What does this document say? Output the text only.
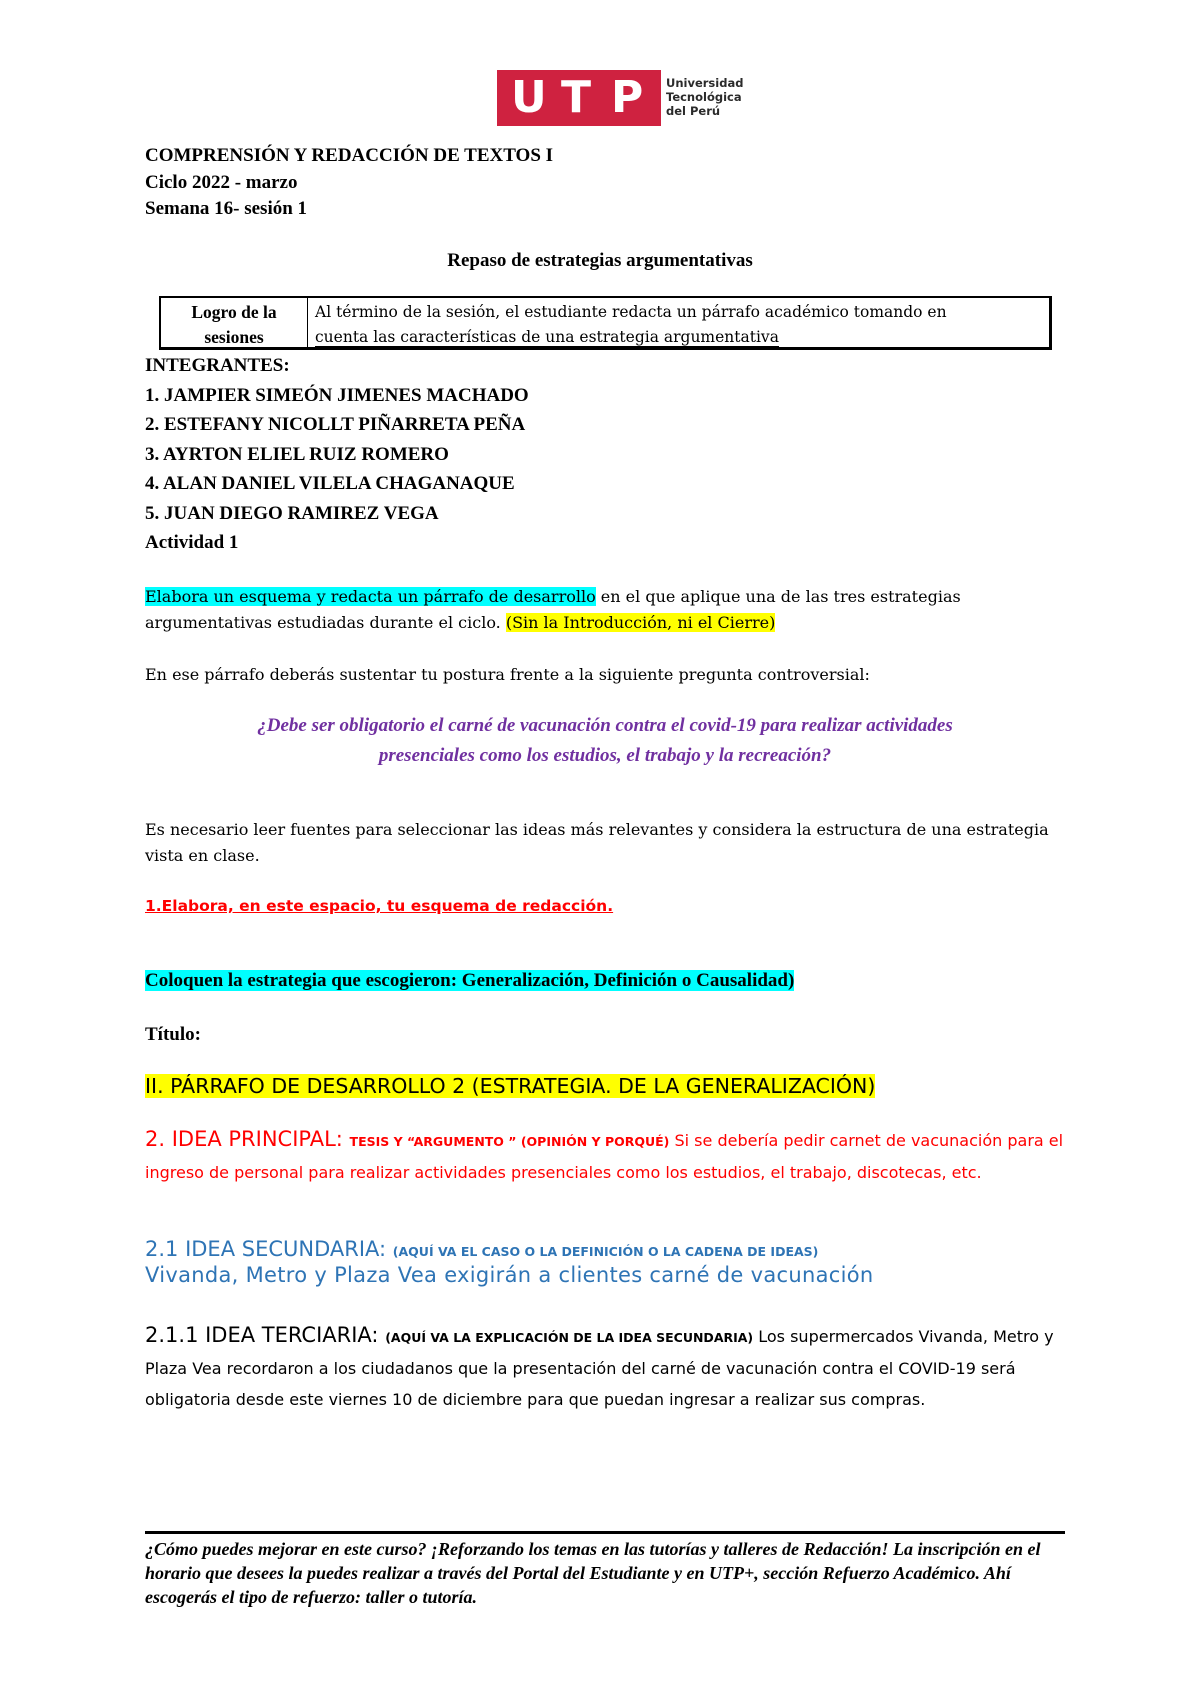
U T P Universidad
Tecnológica
del Perú
COMPRENSIÓN Y REDACCIÓN DE TEXTOS I
Ciclo 2022 - marzo
Semana 16- sesión 1
Repaso de estrategias argumentativas
Logro de la
sesiones
Al término de la sesión, el estudiante redacta un párrafo académico tomando en
cuenta las características de una estrategia argumentativa
INTEGRANTES:
1. JAMPIER SIMEÓN JIMENES MACHADO
2. ESTEFANY NICOLLT PIÑARRETA PEÑA
3. AYRTON ELIEL RUIZ ROMERO
4. ALAN DANIEL VILELA CHAGANAQUE
5. JUAN DIEGO RAMIREZ VEGA
Actividad 1
Elabora un esquema y redacta un párrafo de desarrollo en el que aplique una de las tres estrategias argumentativas estudiadas durante el ciclo. (Sin la Introducción, ni el Cierre)
En ese párrafo deberás sustentar tu postura frente a la siguiente pregunta controversial:
¿Debe ser obligatorio el carné de vacunación contra el covid-19 para realizar actividades
presenciales como los estudios, el trabajo y la recreación?
Es necesario leer fuentes para seleccionar las ideas más relevantes y considera la estructura de una estrategia vista en clase.
1.Elabora, en este espacio, tu esquema de redacción.
Coloquen la estrategia que escogieron: Generalización, Definición o Causalidad)
Título:
II. PÁRRAFO DE DESARROLLO 2 (ESTRATEGIA. DE LA GENERALIZACIÓN)
2. IDEA PRINCIPAL: TESIS Y “ARGUMENTO ” (OPINIÓN Y PORQUÉ) Si se debería pedir carnet de vacunación para el ingreso de personal para realizar actividades presenciales como los estudios, el trabajo, discotecas, etc.
2.1 IDEA SECUNDARIA: (AQUÍ VA EL CASO O LA DEFINICIÓN O LA CADENA DE IDEAS)
Vivanda, Metro y Plaza Vea exigirán a clientes carné de vacunación
2.1.1 IDEA TERCIARIA: (AQUÍ VA LA EXPLICACIÓN DE LA IDEA SECUNDARIA) Los supermercados Vivanda, Metro y Plaza Vea recordaron a los ciudadanos que la presentación del carné de vacunación contra el COVID-19 será obligatoria desde este viernes 10 de diciembre para que puedan ingresar a realizar sus compras.
¿Cómo puedes mejorar en este curso? ¡Reforzando los temas en las tutorías y talleres de Redacción! La inscripción en el horario que desees la puedes realizar a través del Portal del Estudiante y en UTP+, sección Refuerzo Académico. Ahí escogerás el tipo de refuerzo: taller o tutoría.
